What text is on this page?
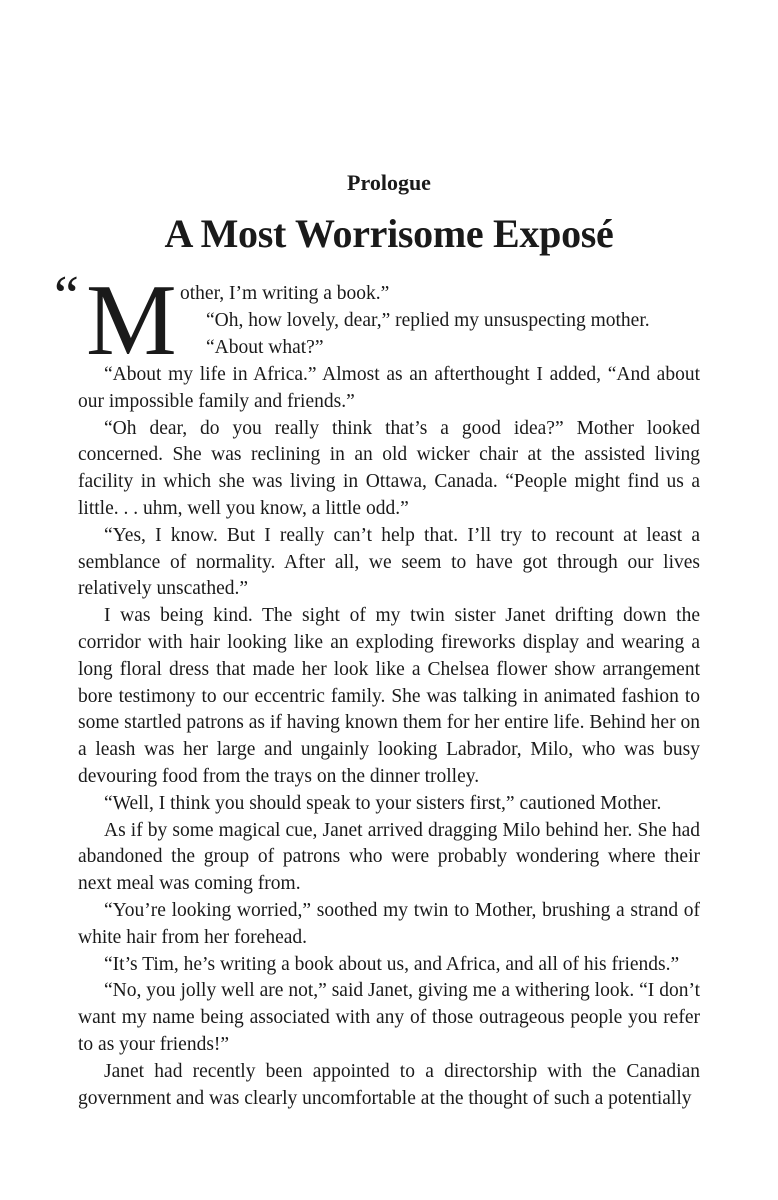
Prologue
A Most Worrisome Exposé
“ M other, I’m writing a book.”

“Oh, how lovely, dear,” replied my unsuspecting mother.

“About what?”

“About my life in Africa.” Almost as an afterthought I added, “And about our impossible family and friends.”

“Oh dear, do you really think that’s a good idea?” Mother looked concerned. She was reclining in an old wicker chair at the assisted living facility in which she was living in Ottawa, Canada. “People might find us a little. . . uhm, well you know, a little odd.”

“Yes, I know. But I really can’t help that. I’ll try to recount at least a semblance of normality. After all, we seem to have got through our lives relatively unscathed.”

I was being kind. The sight of my twin sister Janet drifting down the corridor with hair looking like an exploding fireworks display and wearing a long floral dress that made her look like a Chelsea flower show arrangement bore testimony to our eccentric family. She was talking in animated fashion to some startled patrons as if having known them for her entire life. Behind her on a leash was her large and ungainly looking Labrador, Milo, who was busy devouring food from the trays on the dinner trolley.

“Well, I think you should speak to your sisters first,” cautioned Mother.

As if by some magical cue, Janet arrived dragging Milo behind her. She had abandoned the group of patrons who were probably wondering where their next meal was coming from.

“You’re looking worried,” soothed my twin to Mother, brushing a strand of white hair from her forehead.

“It’s Tim, he’s writing a book about us, and Africa, and all of his friends.”

“No, you jolly well are not,” said Janet, giving me a withering look. “I don’t want my name being associated with any of those outrageous people you refer to as your friends!”

Janet had recently been appointed to a directorship with the Canadian government and was clearly uncomfortable at the thought of such a potentially
